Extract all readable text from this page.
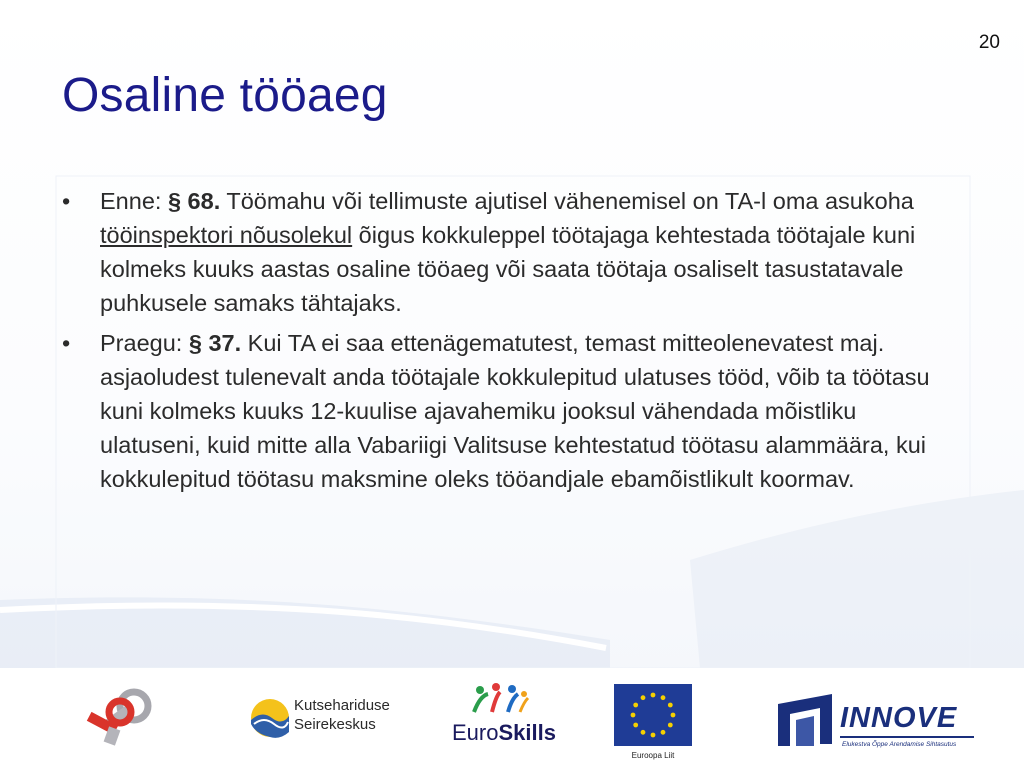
20
Osaline tööaeg
• Enne: § 68. Töömahu või tellimuste ajutisel vähenemisel on TA-l oma asukoha tööinspektori nõusolekul õigus kokkuleppel töötajaga kehtestada töötajale kuni kolmeks kuuks aastas osaline tööaeg või saata töötaja osaliselt tasustatavale puhkusele samaks tähtajaks.
• Praegu: § 37. Kui TA ei saa ettenägematutest, temast mitteolenevatest maj. asjaoludest tulenevalt anda töötajale kokkulepitud ulatuses tööd, võib ta töötasu kuni kolmeks kuuks 12-kuulise ajavahemiku jooksul vähendada mõistliku ulatuseni, kuid mitte alla Vabariigi Valitsuse kehtestatud töötasu alammäära, kui kokkulepitud töötasu maksmine oleks tööandjale ebamõistlikult koormav.
Kutsehariduse
Seirekeskus	EuroSkills
Euroopa Liit
INNOVE
Elukestva Õppe Arendamise Sihtasutus
